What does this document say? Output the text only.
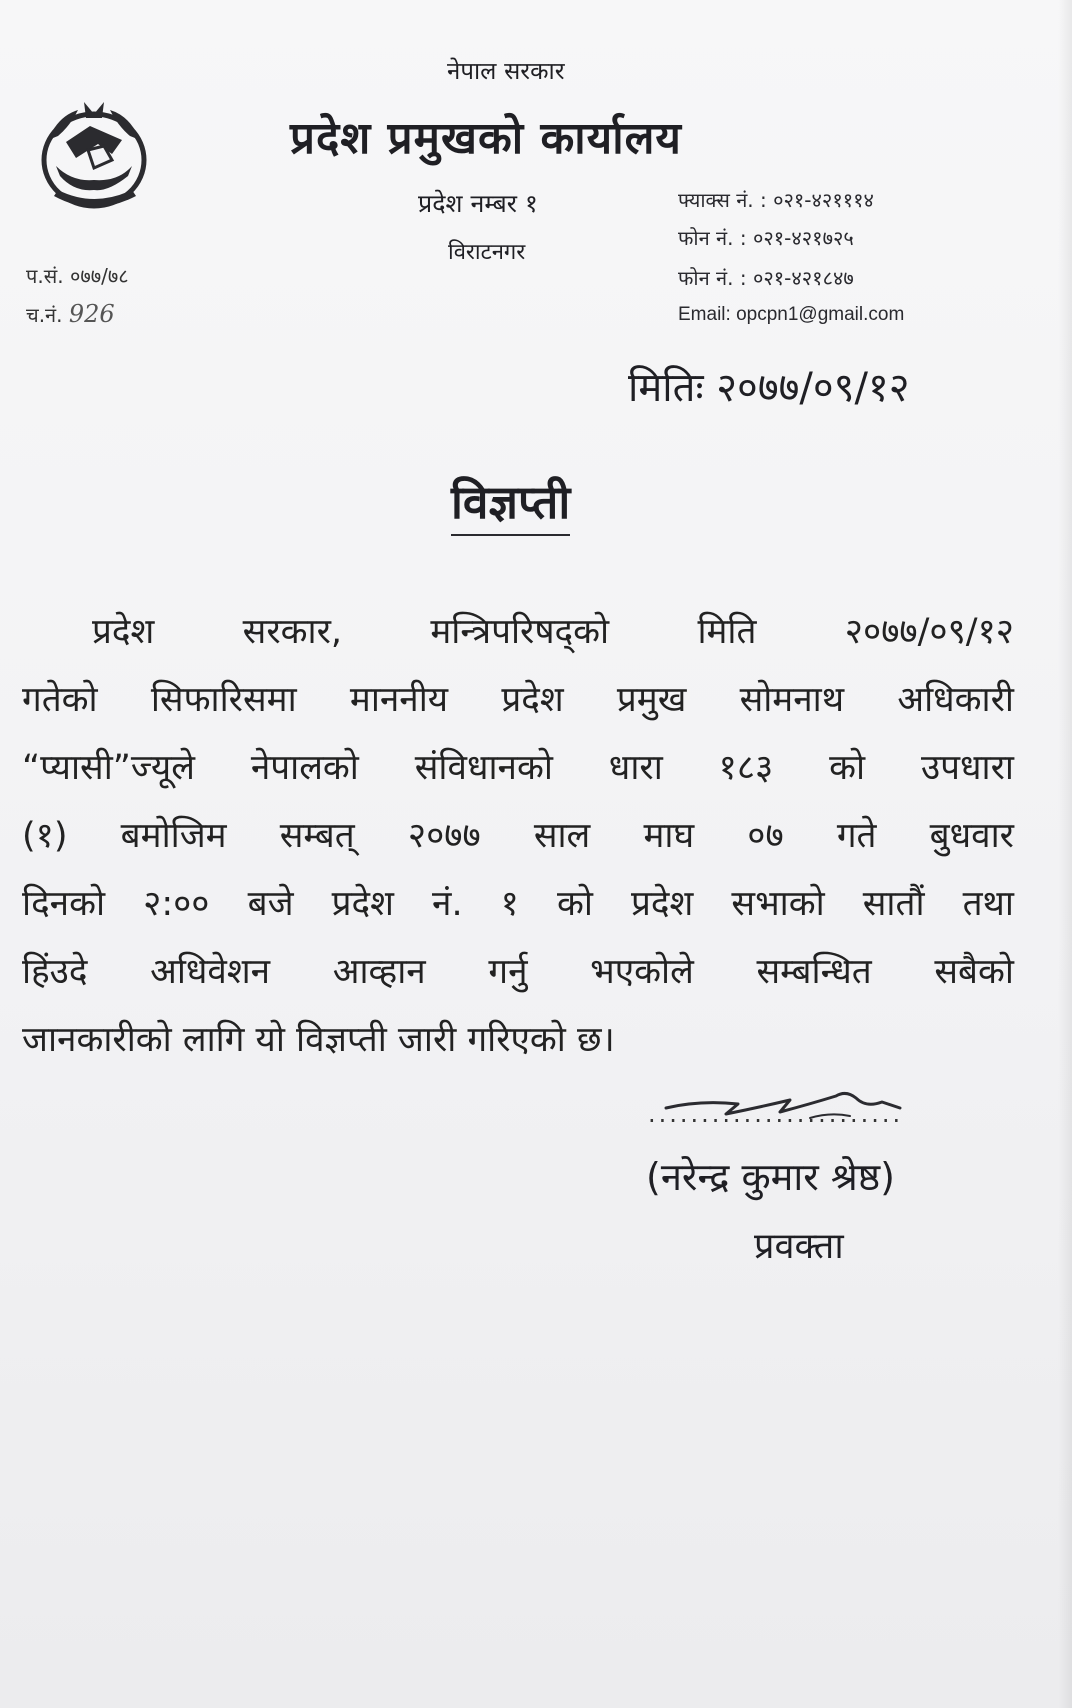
नेपाल सरकार
प्रदेश प्रमुखको कार्यालय
प्रदेश नम्बर १
विराटनगर
प.सं. ०७७/७८
च.नं. 926
फ्याक्स नं. : ०२१-४२१११४
फोन नं. : ०२१-४२१७२५
फोन नं. : ०२१-४२१८४७
Email: opcpn1@gmail.com
मितिः २०७७/०९/१२
विज्ञप्ती
प्रदेश सरकार, मन्त्रिपरिषद्को मिति २०७७/०९/१२
गतेको सिफारिसमा माननीय प्रदेश प्रमुख सोमनाथ अधिकारी
“प्यासी”ज्यूले नेपालको संविधानको धारा १८३ को उपधारा
(१) बमोजिम सम्बत् २०७७ साल माघ ०७ गते बुधवार
दिनको २:०० बजे प्रदेश नं. १ को प्रदेश सभाको सातौं तथा
हिंउदे अधिवेशन आव्हान गर्नु भएकोले सम्बन्धित सबैको
जानकारीको लागि यो विज्ञप्ती जारी गरिएको छ।
........................
(नरेन्द्र कुमार श्रेष्ठ)
प्रवक्ता
